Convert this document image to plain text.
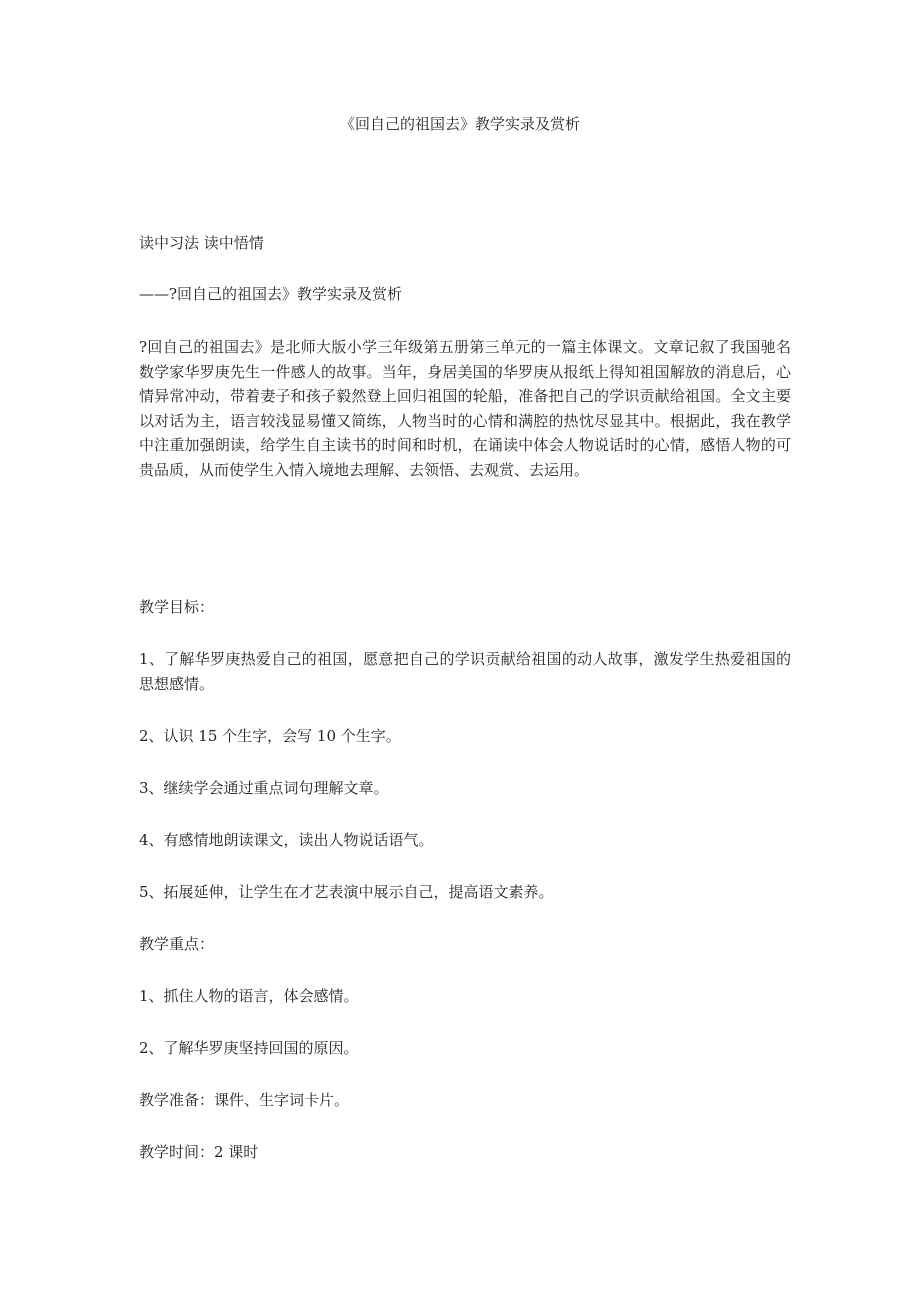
《回自己的祖国去》教学实录及赏析
读中习法 读中悟情
——?回自己的祖国去》教学实录及赏析
?回自己的祖国去》是北师大版小学三年级第五册第三单元的一篇主体课文。文章记叙了我国驰名数学家华罗庚先生一件感人的故事。当年，身居美国的华罗庚从报纸上得知祖国解放的消息后，心情异常冲动，带着妻子和孩子毅然登上回归祖国的轮船，准备把自己的学识贡献给祖国。全文主要以对话为主，语言较浅显易懂又简练，人物当时的心情和满腔的热忱尽显其中。根据此，我在教学中注重加强朗读，给学生自主读书的时间和时机，在诵读中体会人物说话时的心情，感悟人物的可贵品质，从而使学生入情入境地去理解、去领悟、去观赏、去运用。
教学目标：
1、了解华罗庚热爱自己的祖国，愿意把自己的学识贡献给祖国的动人故事，激发学生热爱祖国的思想感情。
2、认识 15 个生字，会写 10 个生字。
3、继续学会通过重点词句理解文章。
4、有感情地朗读课文，读出人物说话语气。
5、拓展延伸，让学生在才艺表演中展示自己，提高语文素养。
教学重点：
1、抓住人物的语言，体会感情。
2、了解华罗庚坚持回国的原因。
教学准备：课件、生字词卡片。
教学时间：2 课时
